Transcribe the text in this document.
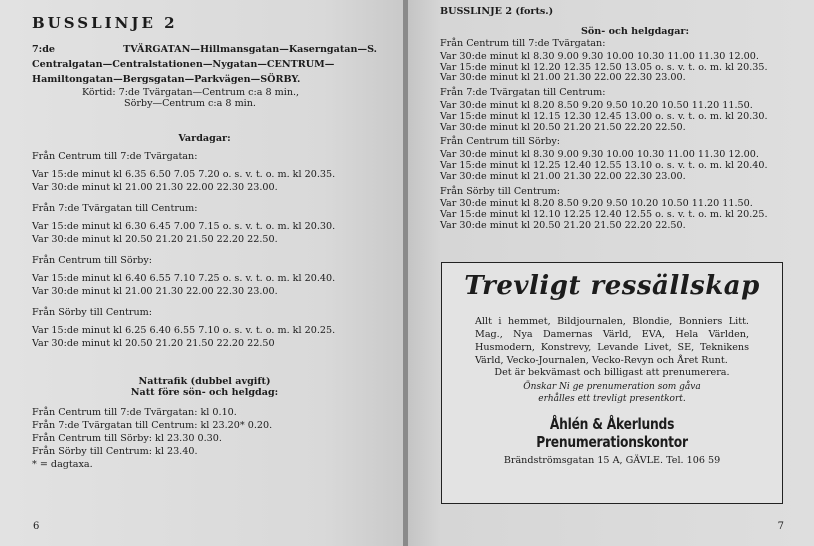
BUSSLINJE 2
7:de TVÄRGATAN—Hillmansgatan—Kaserngatan—S. Centralgatan—Centralstationen—Nygatan—CENTRUM—Hamiltongatan—Bergsgatan—Parkvägen—SÖRBY.
Körtid: 7:de Tvärgatan—Centrum c:a 8 min.,
Sörby—Centrum c:a 8 min.
Vardagar:
Från Centrum till 7:de Tvärgatan:
Var 15:de minut kl 6.35 6.50 7.05 7.20 o. s. v. t. o. m. kl 20.35.
Var 30:de minut kl 21.00 21.30 22.00 22.30 23.00.
Från 7:de Tvärgatan till Centrum:
Var 15:de minut kl 6.30 6.45 7.00 7.15 o. s. v. t. o. m. kl 20.30.
Var 30:de minut kl 20.50 21.20 21.50 22.20 22.50.
Från Centrum till Sörby:
Var 15:de minut kl 6.40 6.55 7.10 7.25 o. s. v. t. o. m. kl 20.40.
Var 30:de minut kl 21.00 21.30 22.00 22.30 23.00.
Från Sörby till Centrum:
Var 15:de minut kl 6.25 6.40 6.55 7.10 o. s. v. t. o. m. kl 20.25.
Var 30:de minut kl 20.50 21.20 21.50 22.20 22.50
Nattrafik (dubbel avgift)
Natt före sön- och helgdag:
Från Centrum till 7:de Tvärgatan: kl 0.10.
Från 7:de Tvärgatan till Centrum: kl 23.20* 0.20.
Från Centrum till Sörby: kl 23.30 0.30.
Från Sörby till Centrum: kl 23.40.
* = dagtaxa.
6
BUSSLINJE 2 (forts.)
Sön- och helgdagar:
Från Centrum till 7:de Tvärgatan:
Var 30:de minut kl 8.30 9.00 9.30 10.00 10.30 11.00 11.30 12.00.
Var 15:de minut kl 12.20 12.35 12.50 13.05 o. s. v. t. o. m. kl 20.35.
Var 30:de minut kl 21.00 21.30 22.00 22.30 23.00.
Från 7:de Tvärgatan till Centrum:
Var 30:de minut kl 8.20 8.50 9.20 9.50 10.20 10.50 11.20 11.50.
Var 15:de minut kl 12.15 12.30 12.45 13.00 o. s. v. t. o. m. kl 20.30.
Var 30:de minut kl 20.50 21.20 21.50 22.20 22.50.
Från Centrum till Sörby:
Var 30:de minut kl 8.30 9.00 9.30 10.00 10.30 11.00 11.30 12.00.
Var 15:de minut kl 12.25 12.40 12.55 13.10 o. s. v. t. o. m. kl 20.40.
Var 30:de minut kl 21.00 21.30 22.00 22.30 23.00.
Från Sörby till Centrum:
Var 30:de minut kl 8.20 8.50 9.20 9.50 10.20 10.50 11.20 11.50.
Var 15:de minut kl 12.10 12.25 12.40 12.55 o. s. v. t. o. m. kl 20.25.
Var 30:de minut kl 20.50 21.20 21.50 22.20 22.50.
Trevligt ressällskap
Allt i hemmet, Bildjournalen, Blondie, Bonniers Litt. Mag., Nya Damernas Värld, EVA, Hela Världen, Husmodern, Konstrevy, Levande Livet, SE, Teknikens Värld, Vecko-Journalen, Vecko-Revyn och Året Runt.
Det är bekvämast och billigast att prenumerera.
Önskar Ni ge prenumeration som gåva
erhålles ett trevligt presentkort.
Åhlén & Åkerlunds Prenumerationskontor
Brändströmsgatan 15 A, GÄVLE. Tel. 106 59
7
